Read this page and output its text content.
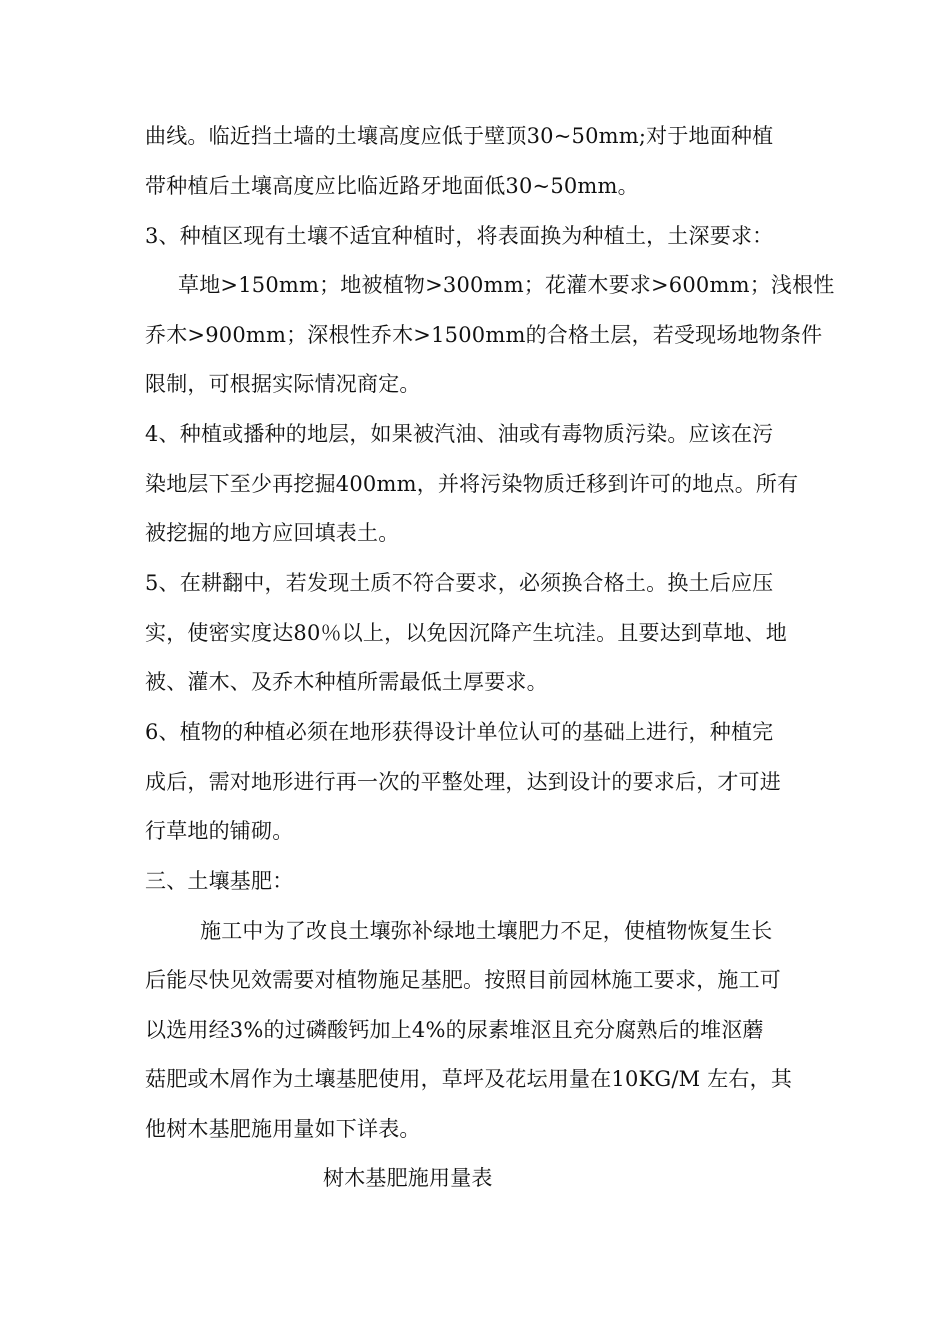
曲线。临近挡土墙的土壤高度应低于壁顶30~50mm;对于地面种植
带种植后土壤高度应比临近路牙地面低30~50mm。
3、种植区现有土壤不适宜种植时，将表面换为种植土，土深要求：
草地>150mm；地被植物>300mm；花灌木要求>600mm；浅根性
乔木>900mm；深根性乔木>1500mm的合格土层，若受现场地物条件
限制，可根据实际情况商定。
4、种植或播种的地层，如果被汽油、油或有毒物质污染。应该在污
染地层下至少再挖掘400mm，并将污染物质迁移到许可的地点。所有
被挖掘的地方应回填表土。
5、在耕翻中，若发现土质不符合要求，必须换合格土。换土后应压
实，使密实度达80％以上，以免因沉降产生坑洼。且要达到草地、地
被、灌木、及乔木种植所需最低土厚要求。
6、植物的种植必须在地形获得设计单位认可的基础上进行，种植完
成后，需对地形进行再一次的平整处理，达到设计的要求后，才可进
行草地的铺砌。
三、土壤基肥：
施工中为了改良土壤弥补绿地土壤肥力不足，使植物恢复生长
后能尽快见效需要对植物施足基肥。按照目前园林施工要求，施工可
以选用经3%的过磷酸钙加上4%的尿素堆沤且充分腐熟后的堆沤蘑
菇肥或木屑作为土壤基肥使用，草坪及花坛用量在10KG/M 左右，其
他树木基肥施用量如下详表。
树木基肥施用量表
